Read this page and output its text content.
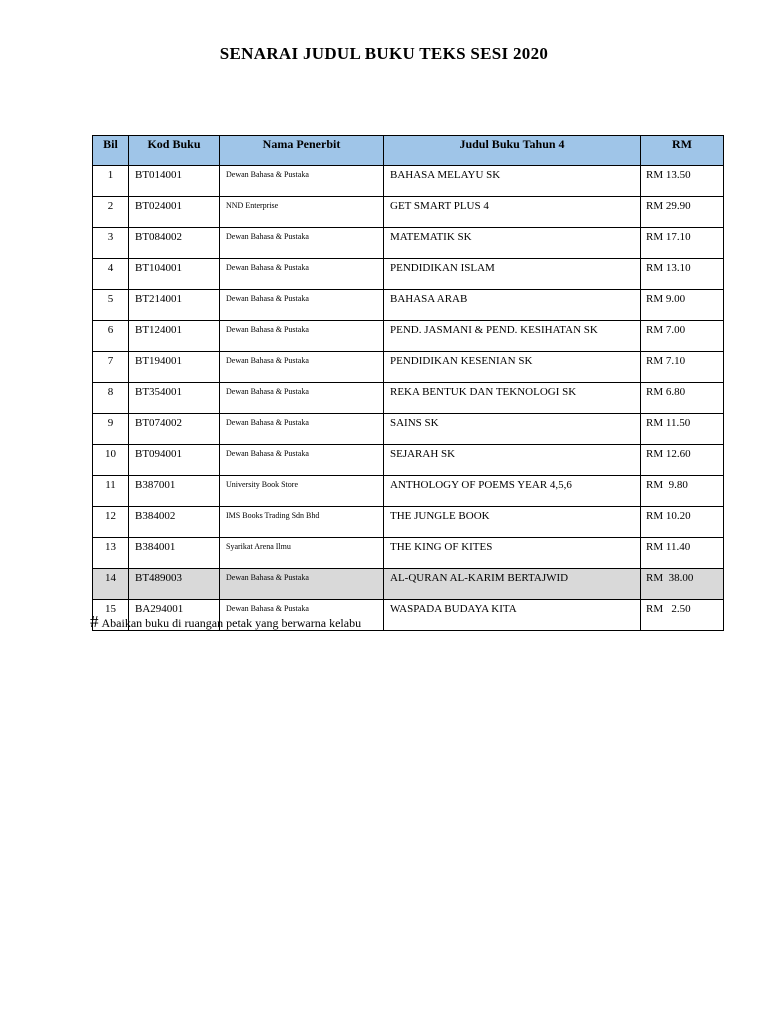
SENARAI JUDUL BUKU TEKS SESI 2020
Bil	Kod Buku	Nama Penerbit	Judul Buku Tahun 4	RM
1	BT014001	Dewan Bahasa & Pustaka	BAHASA MELAYU SK	RM 13.50
2	BT024001	NND Enterprise	GET SMART PLUS 4	RM 29.90
3	BT084002	Dewan Bahasa & Pustaka	MATEMATIK SK	RM 17.10
4	BT104001	Dewan Bahasa & Pustaka	PENDIDIKAN ISLAM	RM 13.10
5	BT214001	Dewan Bahasa & Pustaka	BAHASA ARAB	RM 9.00
6	BT124001	Dewan Bahasa & Pustaka	PEND. JASMANI & PEND. KESIHATAN SK	RM 7.00
7	BT194001	Dewan Bahasa & Pustaka	PENDIDIKAN KESENIAN SK	RM 7.10
8	BT354001	Dewan Bahasa & Pustaka	REKA BENTUK DAN TEKNOLOGI SK	RM 6.80
9	BT074002	Dewan Bahasa & Pustaka	SAINS SK	RM 11.50
10	BT094001	Dewan Bahasa & Pustaka	SEJARAH SK	RM 12.60
11	B387001	University Book Store	ANTHOLOGY OF POEMS YEAR 4,5,6	RM  9.80
12	B384002	IMS Books Trading Sdn Bhd	THE JUNGLE BOOK	RM 10.20
13	B384001	Syarikat Arena Ilmu	THE KING OF KITES	RM 11.40
14	BT489003	Dewan Bahasa & Pustaka	AL-QURAN AL-KARIM BERTAJWID	RM  38.00
15	BA294001	Dewan Bahasa & Pustaka	WASPADA BUDAYA KITA	RM   2.50
# Abaikan buku di ruangan petak yang berwarna kelabu
